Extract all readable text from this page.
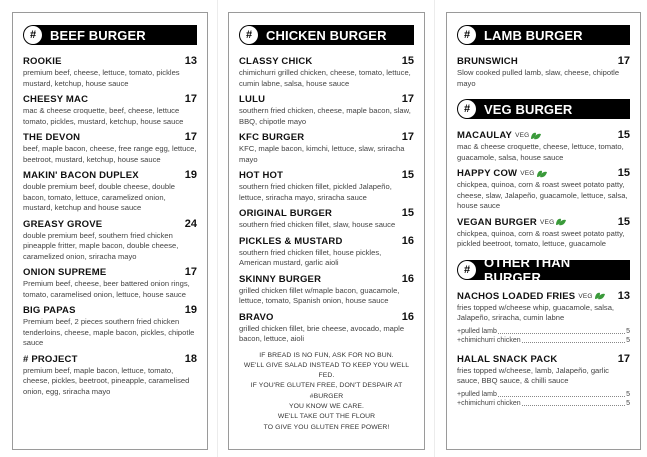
#	BEEF BURGER
ROOKIE	13
premium beef, cheese, lettuce, tomato, pickles mustard, ketchup, house sauce
CHEESY MAC	17
mac & cheese croquette, beef, cheese, lettuce tomato, pickles, mustard, ketchup, house sauce
THE DEVON	17
beef, maple bacon, cheese, free range egg, lettuce, beetroot, mustard, ketchup, house sauce
MAKIN' BACON DUPLEX	19
double premium beef, double cheese, double bacon, tomato, lettuce, caramelized onion, mustard, ketchup and house sauce
GREASY GROVE	24
double premium beef, southern fried chicken pineapple fritter, maple bacon, double cheese, caramelized onion, sriracha mayo
ONION SUPREME	17
Premium beef, cheese, beer battered onion rings, tomato, caramelised onion, lettuce, house sauce
BIG PAPAS	19
Premium beef, 2 pieces southern fried chicken tenderloins, cheese, maple bacon, pickles, chipotle sauce
# PROJECT	18
premium beef, maple bacon, lettuce, tomato, cheese, pickles, beetroot, pineapple, caramelised onion, egg, sriracha mayo
#	CHICKEN BURGER
CLASSY CHICK	15
chimichurri grilled chicken, cheese, tomato, lettuce, cumin labne, salsa, house sauce
LULU	17
southern fried chicken, cheese, maple bacon, slaw, BBQ, chipotle mayo
KFC BURGER	17
KFC, maple bacon, kimchi, lettuce, slaw, sriracha mayo
HOT HOT	15
southern fried chicken fillet, pickled Jalapeño, lettuce, sriracha mayo, sriracha sauce
ORIGINAL BURGER	15
southern fried chicken fillet, slaw, house sauce
PICKLES & MUSTARD	16
southern fried chicken fillet, house pickles, American mustard, garlic aioli
SKINNY BURGER	16
grilled chicken fillet w/maple bacon, guacamole, lettuce, tomato, Spanish onion, house sauce
BRAVO	16
grilled chicken fillet, brie cheese, avocado, maple bacon, lettuce, aioli
IF BREAD IS NO FUN, ASK FOR NO BUN.
WE'LL GIVE SALAD INSTEAD TO KEEP YOU WELL FED.
IF YOU'RE GLUTEN FREE, DON'T DESPAIR AT #BURGER
YOU KNOW WE CARE.
WE'LL TAKE OUT THE FLOUR
TO GIVE YOU GLUTEN FREE POWER!
#	LAMB BURGER
BRUNSWICH	17
Slow cooked pulled lamb, slaw, cheese, chipotle mayo
#	VEG BURGER
MACAULAY VEG	15
mac & cheese croquette, cheese, lettuce, tomato, guacamole, salsa, house sauce
HAPPY COW VEG	15
chickpea, quinoa, corn & roast sweet potato patty, cheese, slaw, Jalapeño, guacamole, lettuce, salsa, house sauce
VEGAN BURGER VEG	15
chickpea, quinoa, corn & roast sweet potato patty, pickled beetroot, tomato, lettuce, guacamole
#	OTHER THAN BURGER
NACHOS LOADED FRIES VEG 13
fries topped w/cheese whip, guacamole, salsa, Jalapeño, sriracha, cumin labne
+pulled lamb	5
+chimichurri chicken	5
HALAL SNACK PACK	17
fries topped w/cheese, lamb, Jalapeño, garlic sauce, BBQ sauce, & chilli sauce
+pulled lamb	5
+chimichurri chicken	5
